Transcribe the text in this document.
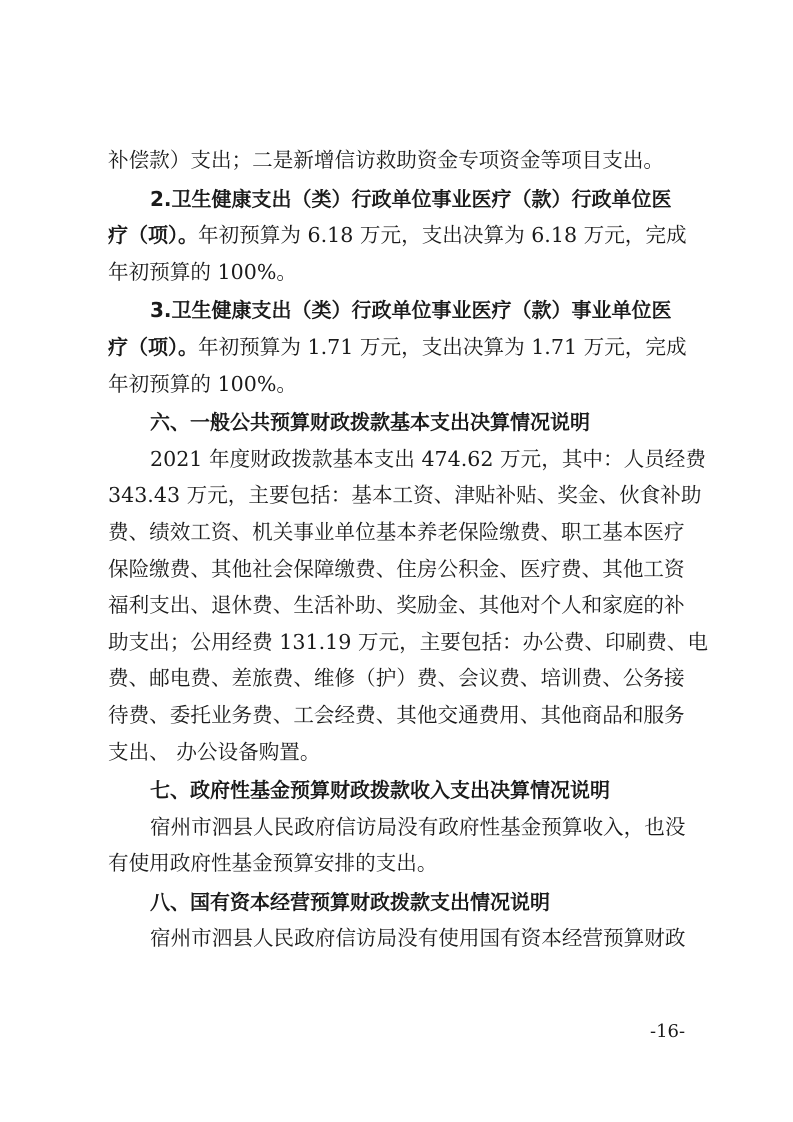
补偿款）支出；二是新增信访救助资金专项资金等项目支出。
2.卫生健康支出（类）行政单位事业医疗（款）行政单位医
疗（项）。年初预算为 6.18 万元，支出决算为 6.18 万元，完成
年初预算的 100%。
3.卫生健康支出（类）行政单位事业医疗（款）事业单位医
疗（项）。年初预算为 1.71 万元，支出决算为 1.71 万元，完成
年初预算的 100%。
六、一般公共预算财政拨款基本支出决算情况说明
2021 年度财政拨款基本支出 474.62 万元，其中：人员经费
343.43 万元，主要包括：基本工资、津贴补贴、奖金、伙食补助
费、绩效工资、机关事业单位基本养老保险缴费、职工基本医疗
保险缴费、其他社会保障缴费、住房公积金、医疗费、其他工资
福利支出、退休费、生活补助、奖励金、其他对个人和家庭的补
助支出；公用经费 131.19 万元，主要包括：办公费、印刷费、电
费、邮电费、差旅费、维修（护）费、会议费、培训费、公务接
待费、委托业务费、工会经费、其他交通费用、其他商品和服务
支出、 办公设备购置。
七、政府性基金预算财政拨款收入支出决算情况说明
宿州市泗县人民政府信访局没有政府性基金预算收入，也没
有使用政府性基金预算安排的支出。
八、国有资本经营预算财政拨款支出情况说明
宿州市泗县人民政府信访局没有使用国有资本经营预算财政
-16-
